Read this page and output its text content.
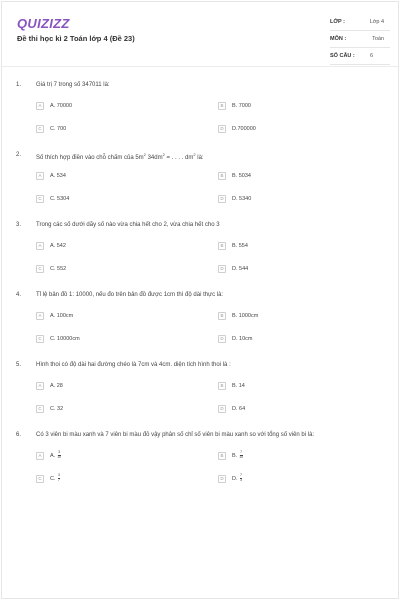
QUIZIZZ
Đề thi học kì 2 Toán lớp 4 (Đề 23)
LỚP :	Lớp 4
MÔN :	Toán
SỐ CÂU :	6
1. Giá trị 7 trong số 347011 là:
A	A. 70000	B	B. 7000
C	C. 700	D	D.700000
2. Số thích hợp điền vào chỗ chấm của $5m^2$ $34dm^2$ = . . . . $dm^2$ là:
A	A. 534	B	B. 5034
C	C. 5304	D	D. 5340
3. Trong các số dưới dãy số nào vừa chia hết cho 2, vừa chia hết cho 3
A	A. 542	B	B. 554
C	C. 552	D	D. 544
4. Tỉ lệ bản đồ 1: 10000, nếu đo trên bản đồ được 1cm thì độ dài thực là:
A	A. 100cm	B	B. 1000cm
C	C. 10000cm	D	D. 10cm
5. Hình thoi có độ dài hai đường chéo là 7cm và 4cm. diện tích hình thoi là :
A	A. 28	B	B. 14
C	C. 32	D	D. 64
6. Có 3 viên bi màu xanh và 7 viên bi màu đỏ vậy phân số chỉ số viên bi màu xanh so với tổng số viên bi là:
A	A. $\frac{3}{10}$	B	B. $\frac{7}{10}$
C	C. $\frac{3}{7}$	D	D. $\frac{7}{3}$
